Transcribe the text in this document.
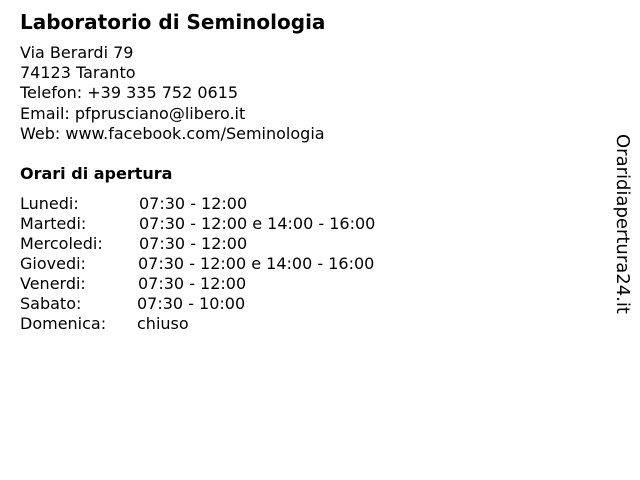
Laboratorio di Seminologia
Via Berardi 79
74123 Taranto
Telefon: +39 335 752 0615
Email: pfprusciano@libero.it
Web: www.facebook.com/Seminologia
Orari di apertura
Lunedi:	07:30 - 12:00
Martedi:	07:30 - 12:00 e 14:00 - 16:00
Mercoledi: 07:30 - 12:00
Giovedi:	07:30 - 12:00 e 14:00 - 16:00
Venerdi:	07:30 - 12:00
Sabato:	07:30 - 10:00
Domenica: chiuso
Oraridiapertura24.it
